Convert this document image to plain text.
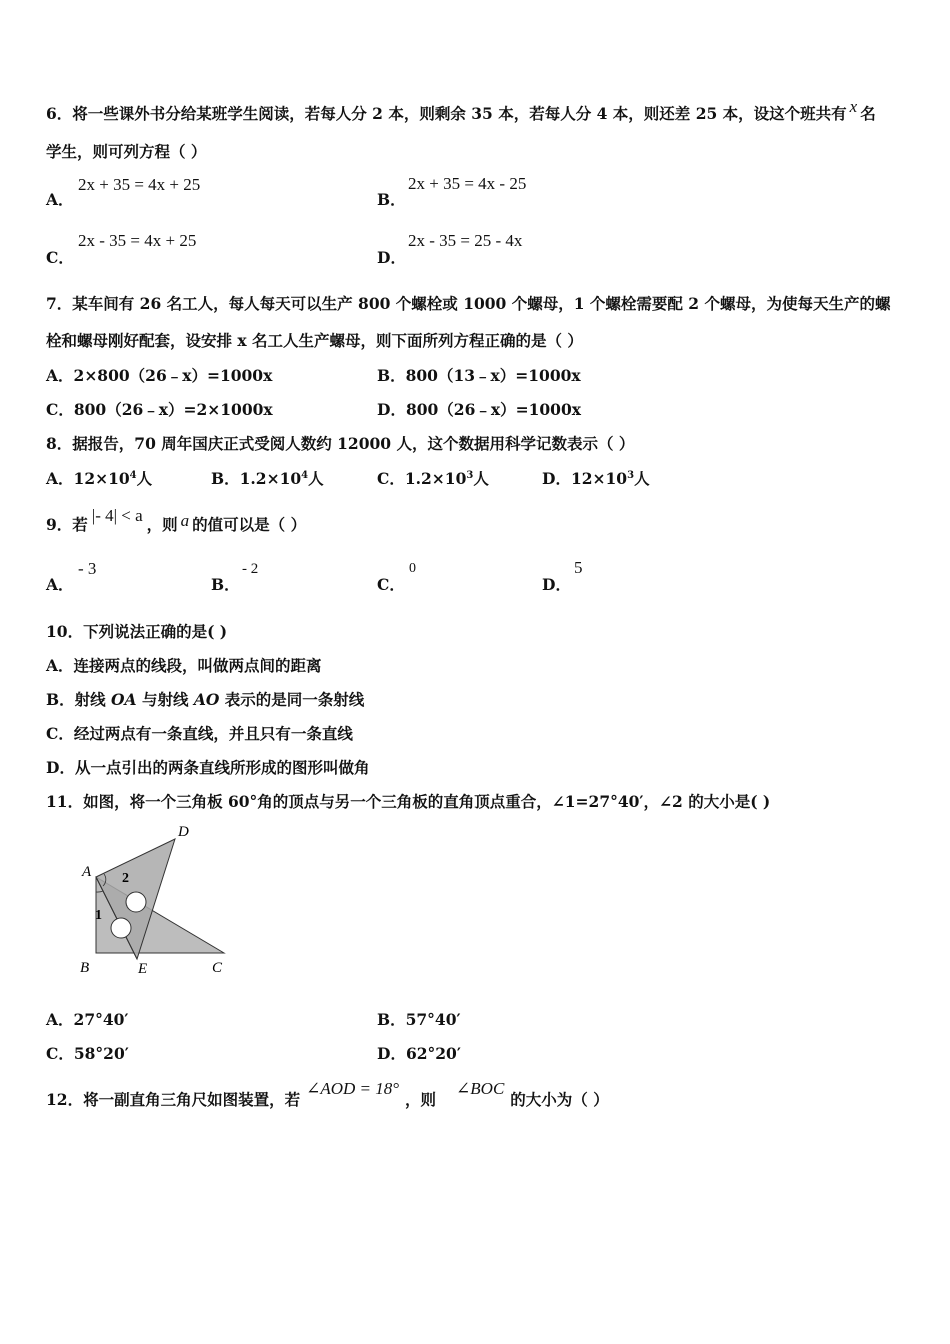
6．将一些课外书分给某班学生阅读，若每人分 2 本，则剩余 35 本，若每人分 4 本，则还差 25 本，设这个班共有 x 名
学生，则可列方程（ ）
A．
2x + 35 = 4x + 25
B．
2x + 35 = 4x - 25
C．
2x - 35 = 4x + 25
D．
2x - 35 = 25 - 4x
7．某车间有 26 名工人，每人每天可以生产 800 个螺栓或 1000 个螺母，1 个螺栓需要配 2 个螺母，为使每天生产的螺
栓和螺母刚好配套，设安排 x 名工人生产螺母，则下面所列方程正确的是（ ）
A．2×800（26﹣x）=1000x	B．800（13﹣x）=1000x
C．800（26﹣x）=2×1000x	D．800（26﹣x）=1000x
8．据报告，70 周年国庆正式受阅人数约 12000 人，这个数据用科学记数表示（ ）
A．$12\times 10^4$人	B．$1.2\times 10^4$人	C．$1.2\times 10^3$人	D．$12\times 10^3$人
9．若 |- 4| < a ，则 a 的值可以是（ ）
A．
- 3
B．
- 2
C．
0
D．
5
10．下列说法正确的是( )
A．连接两点的线段，叫做两点间的距离
B．射线 OA 与射线 AO 表示的是同一条射线
C．经过两点有一条直线，并且只有一条直线
D．从一点引出的两条直线所形成的图形叫做角
11．如图，将一个三角板 60°角的顶点与另一个三角板的直角顶点重合，∠1=27°40′，∠2 的大小是( )
A
D
B	E	C
2
1
A．27°40′	B．57°40′
C．58°20′	D．62°20′
12．将一副直角三角尺如图装置，若∠AOD = 18°，则∠BOC的大小为（ ）
